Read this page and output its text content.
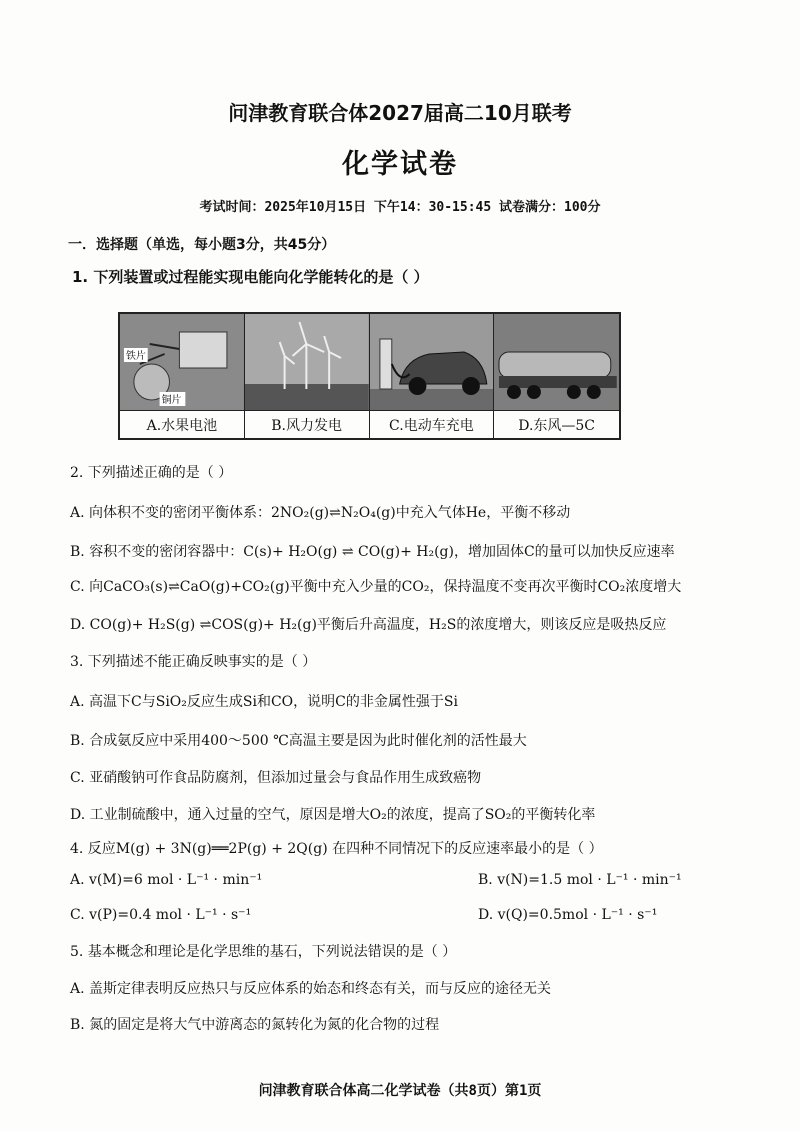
问津教育联合体2027届高二10月联考
化学试卷
考试时间：2025年10月15日 下午14：30-15:45 试卷满分：100分
一．选择题（单选，每小题3分，共45分）
1. 下列装置或过程能实现电能向化学能转化的是（ ）
铁片
铜片
A.水果电池	B.风力发电	C.电动车充电	D.东风—5C
2. 下列描述正确的是（ ）
A. 向体积不变的密闭平衡体系：2NO₂(g)⇌N₂O₄(g)中充入气体He，平衡不移动
B. 容积不变的密闭容器中：C(s)+ H₂O(g) ⇌ CO(g)+ H₂(g)，增加固体C的量可以加快反应速率
C. 向CaCO₃(s)⇌CaO(g)+CO₂(g)平衡中充入少量的CO₂，保持温度不变再次平衡时CO₂浓度增大
D. CO(g)+ H₂S(g) ⇌COS(g)+ H₂(g)平衡后升高温度，H₂S的浓度增大，则该反应是吸热反应
3. 下列描述不能正确反映事实的是（ ）
A. 高温下C与SiO₂反应生成Si和CO，说明C的非金属性强于Si
B. 合成氨反应中采用400～500 ℃高温主要是因为此时催化剂的活性最大
C. 亚硝酸钠可作食品防腐剂，但添加过量会与食品作用生成致癌物
D. 工业制硫酸中，通入过量的空气，原因是增大O₂的浓度，提高了SO₂的平衡转化率
4. 反应M(g) + 3N(g)══2P(g) + 2Q(g) 在四种不同情况下的反应速率最小的是（ ）
A. v(M)=6 mol · L⁻¹ · min⁻¹	B. v(N)=1.5 mol · L⁻¹ · min⁻¹
C. v(P)=0.4 mol · L⁻¹ · s⁻¹	D. v(Q)=0.5mol · L⁻¹ · s⁻¹
5. 基本概念和理论是化学思维的基石，下列说法错误的是（ ）
A. 盖斯定律表明反应热只与反应体系的始态和终态有关，而与反应的途径无关
B. 氮的固定是将大气中游离态的氮转化为氮的化合物的过程
问津教育联合体高二化学试卷（共8页）第1页
